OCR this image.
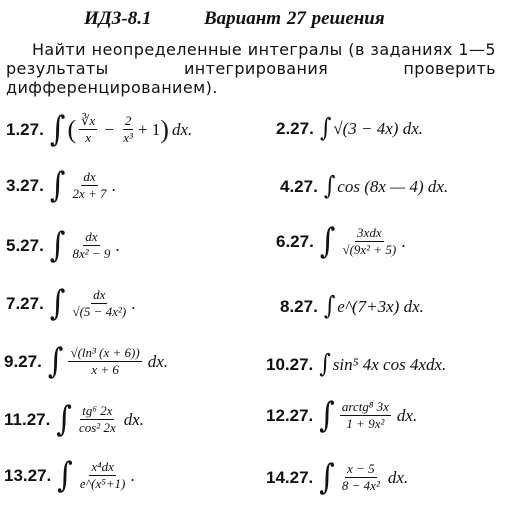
ИДЗ-8.1	Вариант 27 решения
Найти неопределенные интегралы (в заданиях 1—5 результаты интегрирования проверить дифференцированием).
1.27. ∫ ( $\frac{∛x}{x} - \frac{2}{\text{x³}} + 1$ ) dx.	2.27. ∫ √(3 − 4x) dx.
3.27. ∫ $\frac{dx}{2x + 7}$ .	4.27. ∫ cos (8x — 4) dx.
5.27. ∫ $\frac{dx}{\text{8x² − 9}}$ .	6.27. ∫ $\frac{\text{3xdx}}{\text{√(9x² + 5)}}$ .
7.27. ∫ $\frac{dx}{\text{√(5 − 4x²)}}$ .	8.27. ∫ e^(7+3x) dx.
9.27. ∫ $\frac{\text{√(ln³ (x + 6))}}{x + 6}$ dx.	10.27. ∫ sin⁵ 4x cos 4xdx.
11.27. ∫ $\frac{\text{tg⁶ 2x}}{\text{cos² 2x}}$ dx.	12.27. ∫ $\frac{\text{arctg⁸ 3x}}{\text{1 + 9x²}}$ dx.
13.27. ∫ $\frac{\text{x⁴dx}}{\text{e\textasciicircum{}(x⁵+1)}}$ .	14.27. ∫ $\frac{x - 5}{\text{8 − 4x²}}$ dx.
